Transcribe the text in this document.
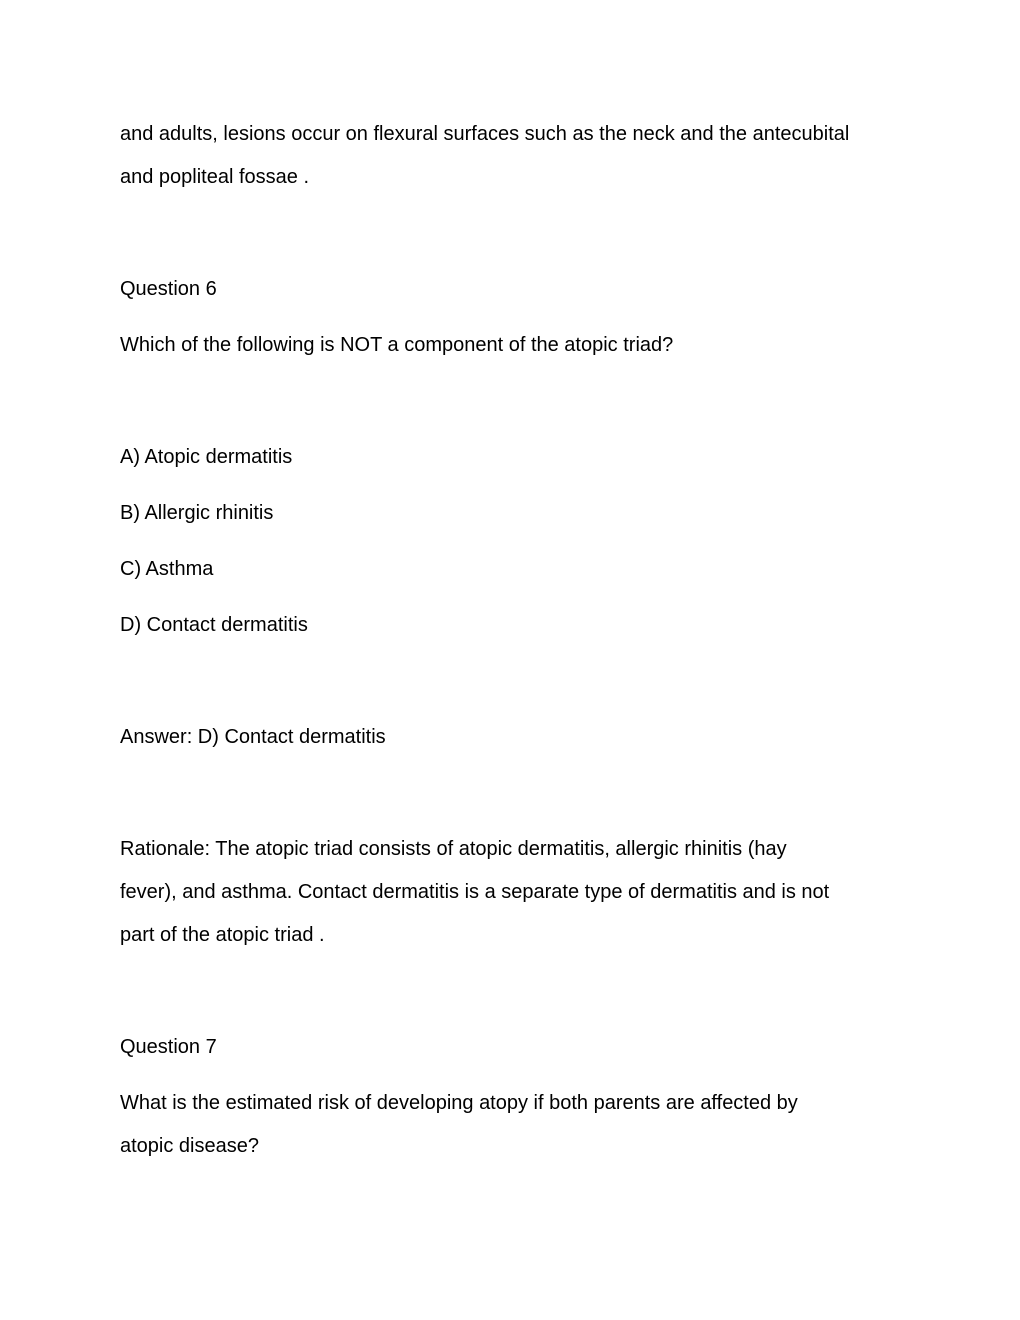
and adults, lesions occur on flexural surfaces such as the neck and the antecubital
and popliteal fossae .
Question 6
Which of the following is NOT a component of the atopic triad?
A) Atopic dermatitis
B) Allergic rhinitis
C) Asthma
D) Contact dermatitis
Answer: D) Contact dermatitis
Rationale: The atopic triad consists of atopic dermatitis, allergic rhinitis (hay
fever), and asthma. Contact dermatitis is a separate type of dermatitis and is not
part of the atopic triad .
Question 7
What is the estimated risk of developing atopy if both parents are affected by
atopic disease?
